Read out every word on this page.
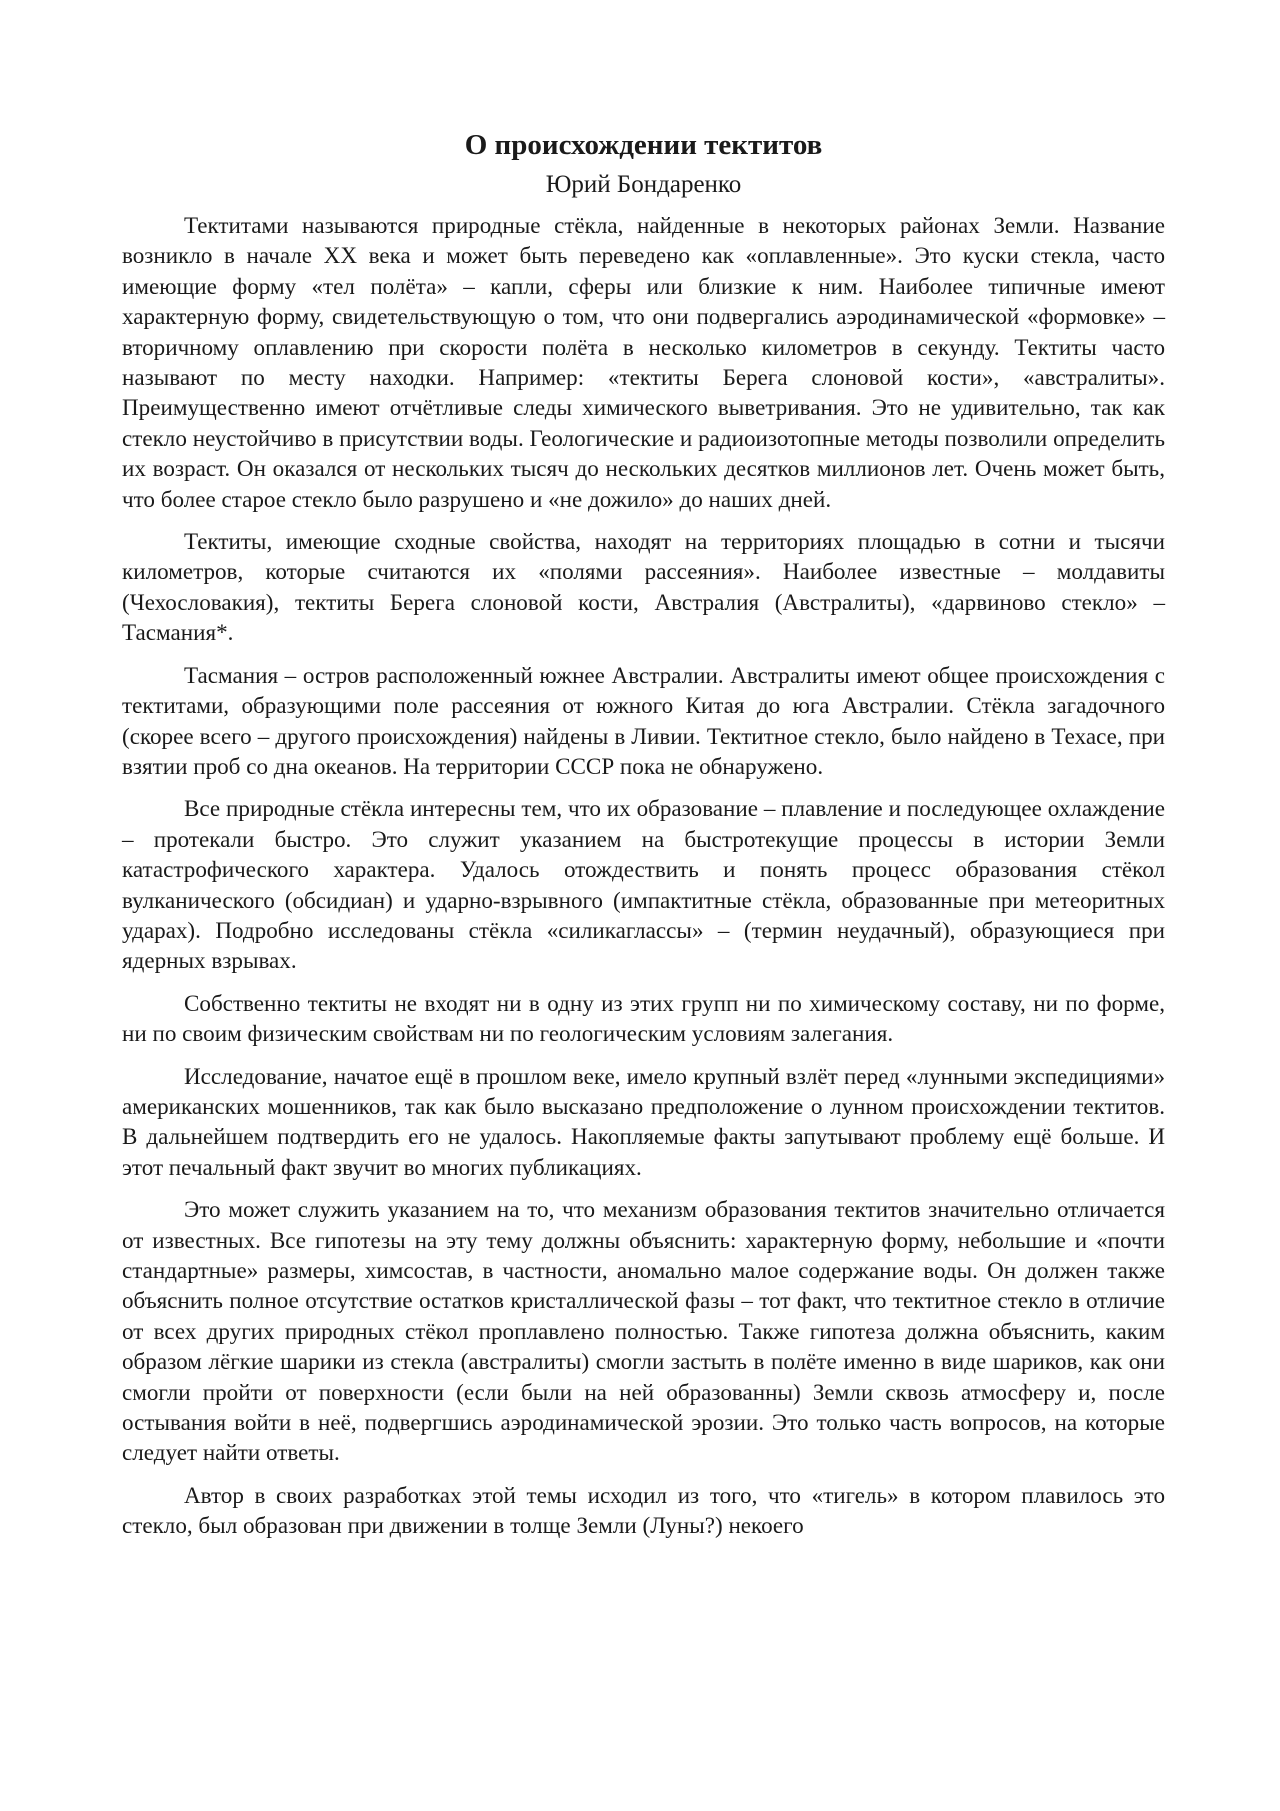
О происхождении тектитов
Юрий Бондаренко

Тектитами называются природные стёкла, найденные в некоторых районах Земли. Название возникло в начале XX века и может быть переведено как «оплавленные». Это куски стекла, часто имеющие форму «тел полёта» – капли, сферы или близкие к ним. Наиболее типичные имеют характерную форму, свидетельствующую о том, что они подвергались аэродинамической «формовке» – вторичному оплавлению при скорости полёта в несколько километров в секунду. Тектиты часто называют по месту находки. Например: «тектиты Берега слоновой кости», «австралиты». Преимущественно имеют отчётливые следы химического выветривания. Это не удивительно, так как стекло неустойчиво в присутствии воды. Геологические и радиоизотопные методы позволили определить их возраст. Он оказался от нескольких тысяч до нескольких десятков миллионов лет. Очень может быть, что более старое стекло было разрушено и «не дожило» до наших дней.

Тектиты, имеющие сходные свойства, находят на территориях площадью в сотни и тысячи километров, которые считаются их «полями рассеяния». Наиболее известные – молдавиты (Чехословакия), тектиты Берега слоновой кости, Австралия (Австралиты), «дарвиново стекло» – Тасмания*.

Тасмания – остров расположенный южнее Австралии. Австралиты имеют общее происхождения с тектитами, образующими поле рассеяния от южного Китая до юга Австралии. Стёкла загадочного (скорее всего – другого происхождения) найдены в Ливии. Тектитное стекло, было найдено в Техасе, при взятии проб со дна океанов. На территории СССР пока не обнаружено.

Все природные стёкла интересны тем, что их образование – плавление и последующее охлаждение – протекали быстро. Это служит указанием на быстротекущие процессы в истории Земли катастрофического характера. Удалось отождествить и понять процесс образования стёкол вулканического (обсидиан) и ударно-взрывного (импактитные стёкла, образованные при метеоритных ударах). Подробно исследованы стёкла «силикагласcы» – (термин неудачный), образующиеся при ядерных взрывах.

Собственно тектиты не входят ни в одну из этих групп ни по химическому составу, ни по форме, ни по своим физическим свойствам ни по геологическим условиям залегания.

Исследование, начатое ещё в прошлом веке, имело крупный взлёт перед «лунными экспедициями» американских мошенников, так как было высказано предположение о лунном происхождении тектитов. В дальнейшем подтвердить его не удалось. Накопляемые факты запутывают проблему ещё больше. И этот печальный факт звучит во многих публикациях.

Это может служить указанием на то, что механизм образования тектитов значительно отличается от известных. Все гипотезы на эту тему должны объяснить: характерную форму, небольшие и «почти стандартные» размеры, химсостав, в частности, аномально малое содержание воды. Он должен также объяснить полное отсутствие остатков кристаллической фазы – тот факт, что тектитное стекло в отличие от всех других природных стёкол проплавлено полностью. Также гипотеза должна объяснить, каким образом лёгкие шарики из стекла (австралиты) смогли застыть в полёте именно в виде шариков, как они смогли пройти от поверхности (если были на ней образованны) Земли сквозь атмосферу и, после остывания войти в неё, подвергшись аэродинамической эрозии. Это только часть вопросов, на которые следует найти ответы.

Автор в своих разработках этой темы исходил из того, что «тигель» в котором плавилось это стекло, был образован при движении в толще Земли (Луны?) некоего
